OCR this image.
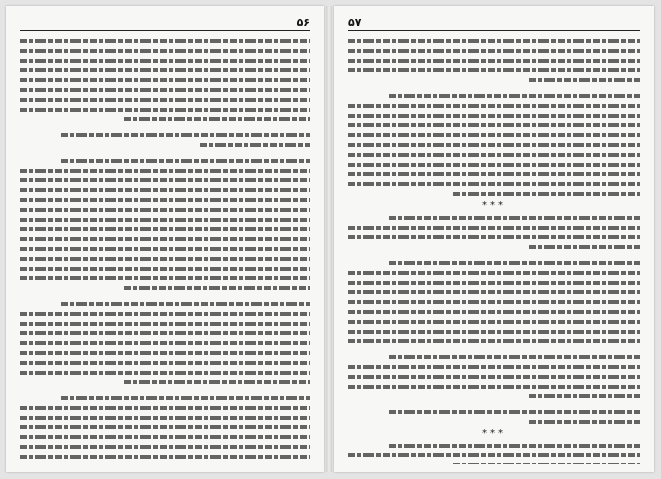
۵۶	۵۷
***
***
